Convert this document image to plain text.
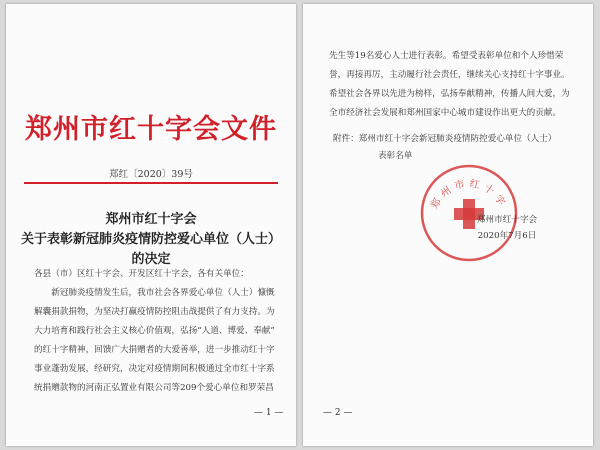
郑州市红十字会文件
郑红〔2020〕39号
郑州市红十字会
关于表彰新冠肺炎疫情防控爱心单位（人士）
的决定
各县（市）区红十字会、开发区红十字会，各有关单位：
　　新冠肺炎疫情发生后，我市社会各界爱心单位（人士）慷慨
解囊捐款捐物，为坚决打赢疫情防控阻击战提供了有力支持。为
大力培育和践行社会主义核心价值观，弘扬“人道、博爱、奉献”
的红十字精神，回馈广大捐赠者的大爱善举，进一步推动红十字
事业蓬勃发展，经研究，决定对疫情期间积极通过全市红十字系
统捐赠款物的河南正弘置业有限公司等209个爱心单位和罗荣昌
— 1 —
先生等19名爱心人士进行表彰。希望受表彰单位和个人珍惜荣
誉，再接再厉，主动履行社会责任，继续关心支持红十字事业。
希望社会各界以先进为榜样，弘扬奉献精神，传播人间大爱，为
全市经济社会发展和郑州国家中心城市建设作出更大的贡献。
附件：郑州市红十字会新冠肺炎疫情防控爱心单位（人士）
表彰名单
郑州市红十字
郑州市红十字会
2020年7月6日
— 2 —
